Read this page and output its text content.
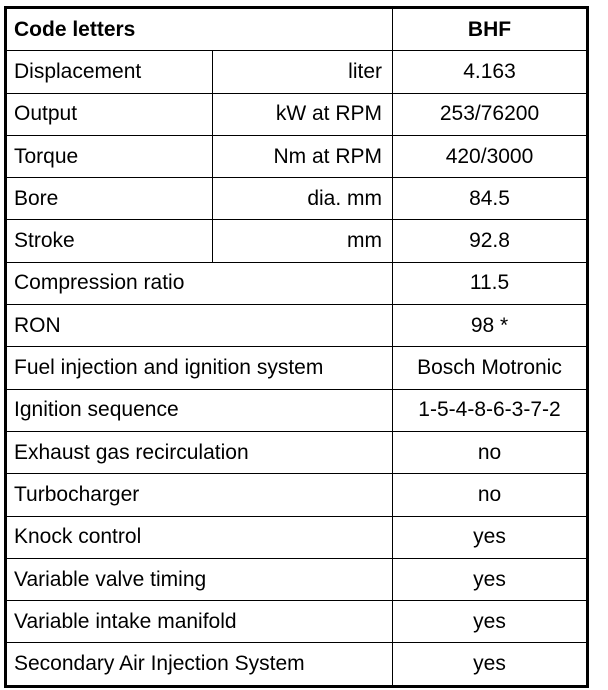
Code letters		BHF
Displacement	liter	4.163
Output	kW at RPM	253/76200
Torque	Nm at RPM	420/3000
Bore	dia. mm	84.5
Stroke	mm	92.8
Compression ratio		11.5
RON		98 *
Fuel injection and ignition system		Bosch Motronic
Ignition sequence		1-5-4-8-6-3-7-2
Exhaust gas recirculation		no
Turbocharger		no
Knock control		yes
Variable valve timing		yes
Variable intake manifold		yes
Secondary Air Injection System		yes
